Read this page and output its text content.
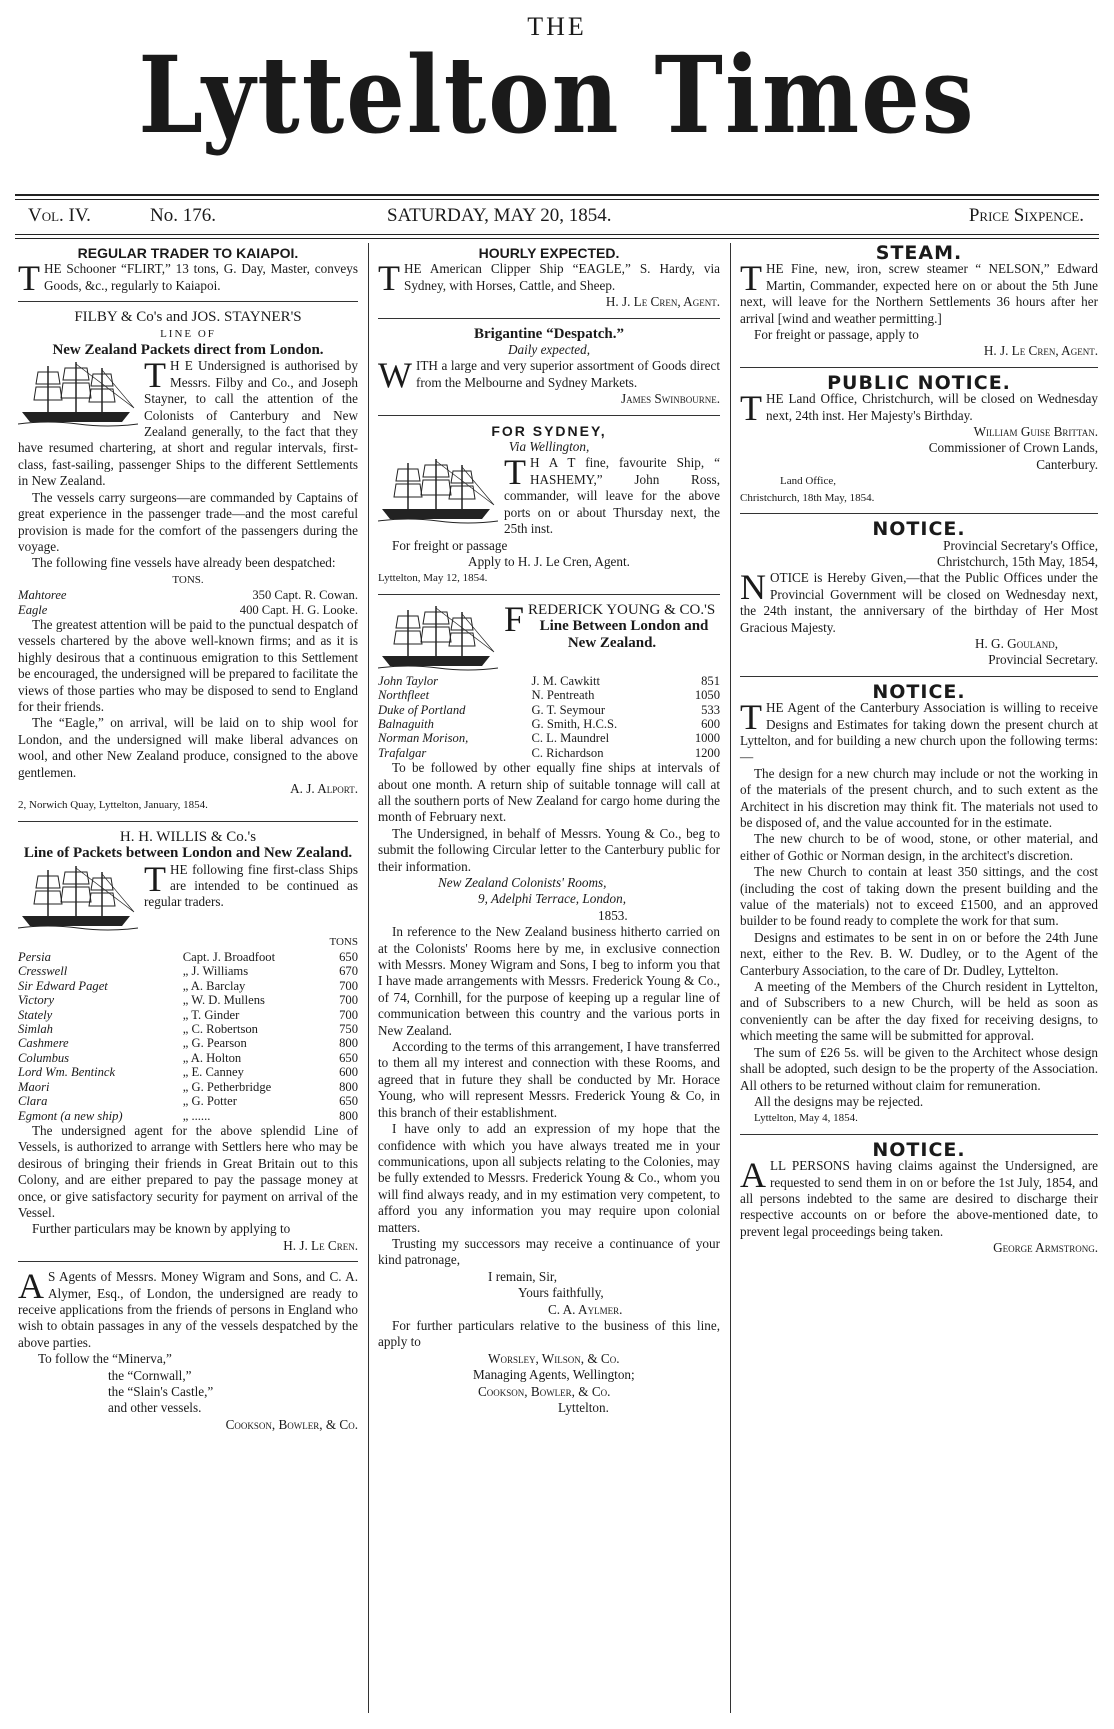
THE
Lyttelton Times
Vol. IV.	No. 176.	SATURDAY, MAY 20, 1854.	Price Sixpence.
REGULAR TRADER TO KAIAPOI.

THE Schooner “FLIRT,” 13 tons, G. Day, Master, conveys Goods, &c., regularly to Kaiapoi.

FILBY & Co's and JOS. STAYNER'S
LINE OF
New Zealand Packets direct from London.

T H E Undersigned is authorised by Messrs. Filby and Co., and Joseph Stayner, to call the attention of the Colonists of Canterbury and New Zealand generally, to the fact that they have resumed chartering, at short and regular intervals, first-class, fast-sailing, passenger Ships to the different Settlements in New Zealand.

The vessels carry surgeons—are commanded by Captains of great experience in the passenger trade—and the most careful provision is made for the comfort of the passengers during the voyage.

The following fine vessels have already been despatched:

TONS.
Mahtoree	350 Capt. R. Cowan.
Eagle	400 Capt. H. G. Looke.

The greatest attention will be paid to the punctual despatch of vessels chartered by the above well-known firms; and as it is highly desirous that a continuous emigration to this Settlement be encouraged, the undersigned will be prepared to facilitate the views of those parties who may be disposed to send to England for their friends.

The “Eagle,” on arrival, will be laid on to ship wool for London, and the undersigned will make liberal advances on wool, and other New Zealand produce, consigned to the above gentlemen.

A. J. Alport.
2, Norwich Quay, Lyttelton, January, 1854.
H. H. WILLIS & Co.'s
Line of Packets between London and New Zealand.

THE following fine first-class Ships are intended to be continued as regular traders.

TONS
Persia	Capt. J. Broadfoot	650
Cresswell	„ J. Williams	670
Sir Edward Paget	„ A. Barclay	700
Victory	„ W. D. Mullens	700
Stately	„ T. Ginder	700
Simlah	„ C. Robertson	750
Cashmere	„ G. Pearson	800
Columbus	„ A. Holton	650
Lord Wm. Bentinck	„ E. Canney	600
Maori	„ G. Petherbridge	800
Clara	„ G. Potter	650
Egmont (a new ship)	„ ......	800

The undersigned agent for the above splendid Line of Vessels, is authorized to arrange with Settlers here who may be desirous of bringing their friends in Great Britain out to this Colony, and are either prepared to pay the passage money at once, or give satisfactory security for payment on arrival of the Vessel.

Further particulars may be known by applying to

H. J. Le Cren.

A S Agents of Messrs. Money Wigram and Sons, and C. A. Alymer, Esq., of London, the undersigned are ready to receive applications from the friends of persons in England who wish to obtain passages in any of the vessels despatched by the above parties.

To follow the “Minerva,”
the “Cornwall,”
the “Slain's Castle,”
and other vessels.
Cookson, Bowler, & Co.
HOURLY EXPECTED.

THE American Clipper Ship “EAGLE,” S. Hardy, via Sydney, with Horses, Cattle, and Sheep.

H. J. Le Cren, Agent.
Brigantine “Despatch.”
Daily expected,

WITH a large and very superior assortment of Goods direct from the Melbourne and Sydney Markets.

James Swinbourne.
FOR SYDNEY,
Via Wellington,

T H A T fine, favourite Ship, “ HASHEMY,” John Ross, commander, will leave for the above ports on or about Thursday next, the 25th inst.

For freight or passage
Apply to H. J. Le Cren, Agent.
Lyttelton, May 12, 1854.

FREDERICK YOUNG & CO.'S

Line Between London and New Zealand.
John Taylor	J. M. Cawkitt	851
Northfleet	N. Pentreath	1050
Duke of Portland	G. T. Seymour	533
Balnaguith	G. Smith, H.C.S.	600
Norman Morison,	C. L. Maundrel	1000
Trafalgar	C. Richardson	1200

To be followed by other equally fine ships at intervals of about one month. A return ship of suitable tonnage will call at all the southern ports of New Zealand for cargo home during the month of February next.

The Undersigned, in behalf of Messrs. Young & Co., beg to submit the following Circular letter to the Canterbury public for their information.

New Zealand Colonists' Rooms,
9, Adelphi Terrace, London,
1853.

In reference to the New Zealand business hitherto carried on at the Colonists' Rooms here by me, in exclusive connection with Messrs. Money Wigram and Sons, I beg to inform you that I have made arrangements with Messrs. Frederick Young & Co., of 74, Cornhill, for the purpose of keeping up a regular line of communication between this country and the various ports in New Zealand.

According to the terms of this arrangement, I have transferred to them all my interest and connection with these Rooms, and agreed that in future they shall be conducted by Mr. Horace Young, who will represent Messrs. Frederick Young & Co, in this branch of their establishment.

I have only to add an expression of my hope that the confidence with which you have always treated me in your communications, upon all subjects relating to the Colonies, may be fully extended to Messrs. Frederick Young & Co., whom you will find always ready, and in my estimation very competent, to afford you any information you may require upon colonial matters.

Trusting my successors may receive a continuance of your kind patronage,

I remain, Sir,
Yours faithfully,
C. A. Aylmer.

For further particulars relative to the business of this line, apply to

Worsley, Wilson, & Co.
Managing Agents, Wellington;
Cookson, Bowler, & Co.
Lyttelton.
STEAM.

THE Fine, new, iron, screw steamer “ NELSON,” Edward Martin, Commander, expected here on or about the 5th June next, will leave for the Northern Settlements 36 hours after her arrival [wind and weather permitting.]

For freight or passage, apply to
H. J. Le Cren, Agent.
PUBLIC NOTICE.

THE Land Office, Christchurch, will be closed on Wednesday next, 24th inst. Her Majesty's Birthday.

William Guise Brittan.
Commissioner of Crown Lands,
Canterbury.
Land Office,
Christchurch, 18th May, 1854.
NOTICE.
Provincial Secretary's Office,
Christchurch, 15th May, 1854,

NOTICE is Hereby Given,—that the Public Offices under the Provincial Government will be closed on Wednesday next, the 24th instant, the anniversary of the birthday of Her Most Gracious Majesty.

H. G. Gouland,
Provincial Secretary.
NOTICE.

THE Agent of the Canterbury Association is willing to receive Designs and Estimates for taking down the present church at Lyttelton, and for building a new church upon the following terms:—

The design for a new church may include or not the working in of the materials of the present church, and to such extent as the Architect in his discretion may think fit. The materials not used to be disposed of, and the value accounted for in the estimate.

The new church to be of wood, stone, or other material, and either of Gothic or Norman design, in the architect's discretion.

The new Church to contain at least 350 sittings, and the cost (including the cost of taking down the present building and the value of the materials) not to exceed £1500, and an approved builder to be found ready to complete the work for that sum.

Designs and estimates to be sent in on or before the 24th June next, either to the Rev. B. W. Dudley, or to the Agent of the Canterbury Association, to the care of Dr. Dudley, Lyttelton.

A meeting of the Members of the Church resident in Lyttelton, and of Subscribers to a new Church, will be held as soon as conveniently can be after the day fixed for receiving designs, to which meeting the same will be submitted for approval.

The sum of £26 5s. will be given to the Architect whose design shall be adopted, such design to be the property of the Association. All others to be returned without claim for remuneration.

All the designs may be rejected.

Lyttelton, May 4, 1854.
NOTICE.

ALL PERSONS having claims against the Undersigned, are requested to send them in on or before the 1st July, 1854, and all persons indebted to the same are desired to discharge their respective accounts on or before the above-mentioned date, to prevent legal proceedings being taken.

George Armstrong.
